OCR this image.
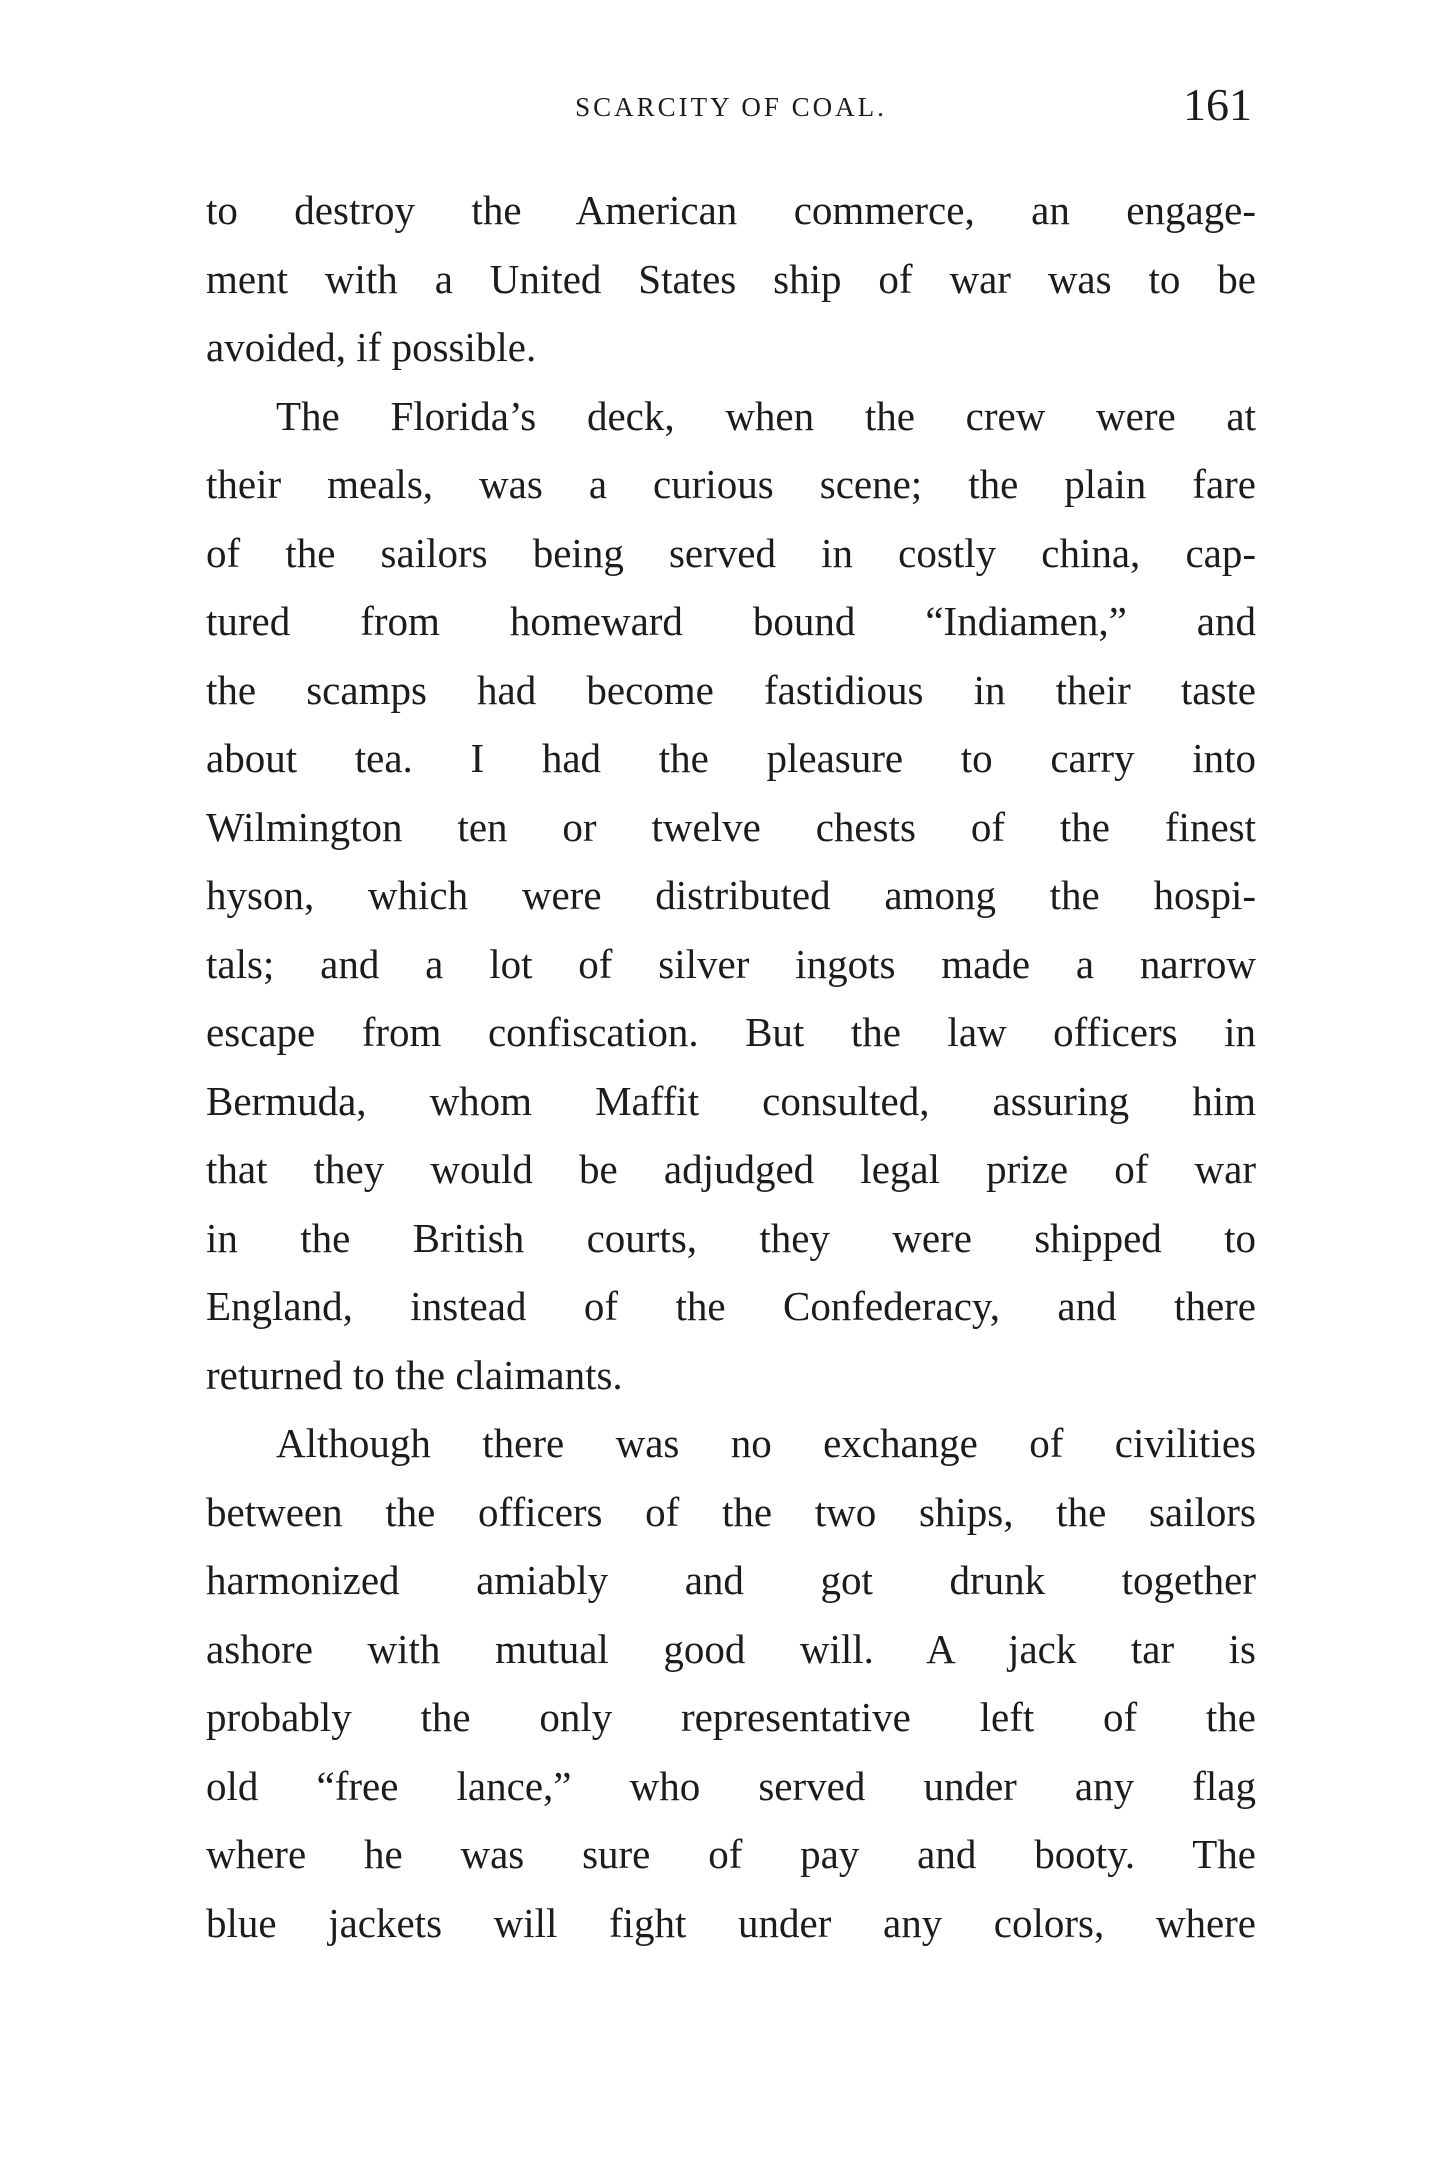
SCARCITY OF COAL.	161
to destroy the American commerce, an engage-
ment with a United States ship of war was to be
avoided, if possible.
The Florida’s deck, when the crew were at
their meals, was a curious scene; the plain fare
of the sailors being served in costly china, cap-
tured from homeward bound “Indiamen,” and
the scamps had become fastidious in their taste
about tea. I had the pleasure to carry into
Wilmington ten or twelve chests of the finest
hyson, which were distributed among the hospi-
tals; and a lot of silver ingots made a narrow
escape from confiscation. But the law officers in
Bermuda, whom Maffit consulted, assuring him
that they would be adjudged legal prize of war
in the British courts, they were shipped to
England, instead of the Confederacy, and there
returned to the claimants.
Although there was no exchange of civilities
between the officers of the two ships, the sailors
harmonized amiably and got drunk together
ashore with mutual good will. A jack tar is
probably the only representative left of the
old “free lance,” who served under any flag
where he was sure of pay and booty. The
blue jackets will fight under any colors, where
